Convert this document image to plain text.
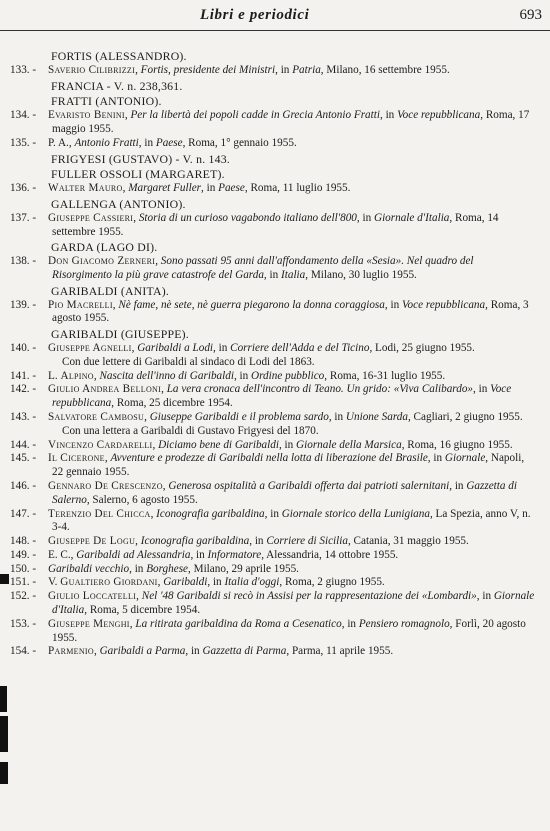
Libri e periodici	693
FORTIS (ALESSANDRO).
133. -	Saverio Cilibrizzi, Fortis, presidente dei Ministri, in Patria, Milano, 16 settembre 1955.
FRANCIA - V. n. 238,361.
FRATTI (ANTONIO).
134. -	Evaristo Benini, Per la libertà dei popoli cadde in Grecia Antonio Fratti, in Voce repubblicana, Roma, 17 maggio 1955.
135. -	P. A., Antonio Fratti, in Paese, Roma, 1° gennaio 1955.
FRIGYESI (GUSTAVO) - V. n. 143.
FULLER OSSOLI (MARGARET).
136. -	Walter Mauro, Margaret Fuller, in Paese, Roma, 11 luglio 1955.
GALLENGA (ANTONIO).
137. -	Giuseppe Cassieri, Storia di un curioso vagabondo italiano dell'800, in Giornale d'Italia, Roma, 14 settembre 1955.
GARDA (LAGO DI).
138. -	Don Giacomo Zerneri, Sono passati 95 anni dall'affondamento della «Sesia». Nel quadro del Risorgimento la più grave catastrofe del Garda, in Italia, Milano, 30 luglio 1955.
GARIBALDI (ANITA).
139. -	Pio Macrelli, Nè fame, nè sete, nè guerra piegarono la donna coraggiosa, in Voce repubblicana, Roma, 3 agosto 1955.
GARIBALDI (GIUSEPPE).
140. -	Giuseppe Agnelli, Garibaldi a Lodi, in Corriere dell'Adda e del Ticino, Lodi, 25 giugno 1955.
Con due lettere di Garibaldi al sindaco di Lodi del 1863.
141. -	L. Alpino, Nascita dell'inno di Garibaldi, in Ordine pubblico, Roma, 16-31 luglio 1955.
142. -	Giulio Andrea Belloni, La vera cronaca dell'incontro di Teano. Un grido: «Viva Calibardo», in Voce repubblicana, Roma, 25 dicembre 1954.
143. -	Salvatore Cambosu, Giuseppe Garibaldi e il problema sardo, in Unione Sarda, Cagliari, 2 giugno 1955.
Con una lettera a Garibaldi di Gustavo Frigyesi del 1870.
144. -	Vincenzo Cardarelli, Diciamo bene di Garibaldi, in Giornale della Marsica, Roma, 16 giugno 1955.
145. -	Il Cicerone, Avventure e prodezze di Garibaldi nella lotta di liberazione del Brasile, in Giornale, Napoli, 22 gennaio 1955.
146. -	Gennaro De Crescenzo, Generosa ospitalità a Garibaldi offerta dai patrioti salernitani, in Gazzetta di Salerno, Salerno, 6 agosto 1955.
147. -	Terenzio Del Chicca, Iconografia garibaldina, in Giornale storico della Lunigiana, La Spezia, anno V, n. 3-4.
148. -	Giuseppe De Logu, Iconografia garibaldina, in Corriere di Sicilia, Catania, 31 maggio 1955.
149. -	E. C., Garibaldi ad Alessandria, in Informatore, Alessandria, 14 ottobre 1955.
150. -	Garibaldi vecchio, in Borghese, Milano, 29 aprile 1955.
151. -	V. Gualtiero Giordani, Garibaldi, in Italia d'oggi, Roma, 2 giugno 1955.
152. -	Giulio Loccatelli, Nel '48 Garibaldi si recò in Assisi per la rappresentazione dei «Lombardi», in Giornale d'Italia, Roma, 5 dicembre 1954.
153. -	Giuseppe Menghi, La ritirata garibaldina da Roma a Cesenatico, in Pensiero romagnolo, Forlì, 20 agosto 1955.
154. -	Parmenio, Garibaldi a Parma, in Gazzetta di Parma, Parma, 11 aprile 1955.
